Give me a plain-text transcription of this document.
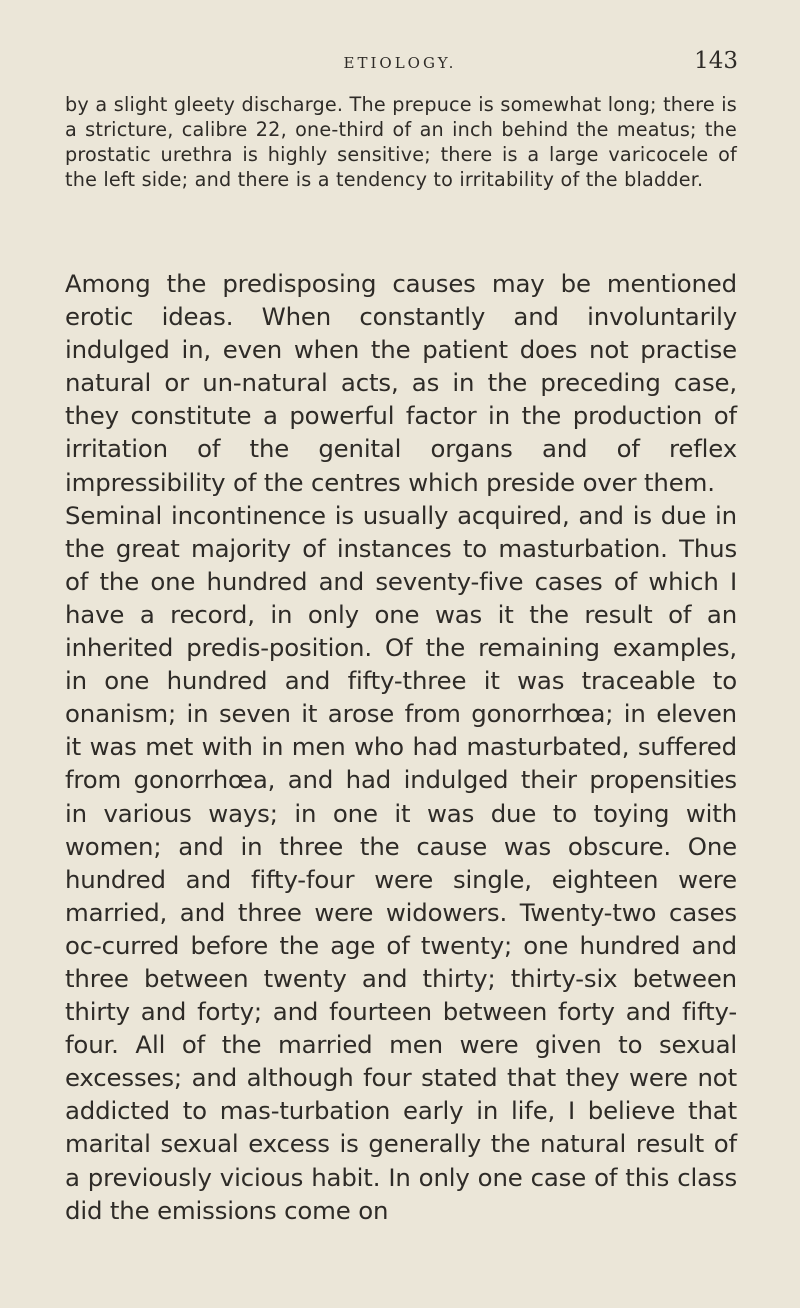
ETIOLOGY.	143

by a slight gleety discharge. The prepuce is somewhat long; there is a stricture, calibre 22, one-third of an inch behind the meatus; the prostatic urethra is highly sensitive; there is a large varicocele of the left side; and there is a tendency to irritability of the bladder.

Among the predisposing causes may be mentioned erotic ideas. When constantly and involuntarily indulged in, even when the patient does not practise natural or un-natural acts, as in the preceding case, they constitute a powerful factor in the production of irritation of the genital organs and of reflex impressibility of the centres which preside over them.

Seminal incontinence is usually acquired, and is due in the great majority of instances to masturbation. Thus of the one hundred and seventy-five cases of which I have a record, in only one was it the result of an inherited predis-position. Of the remaining examples, in one hundred and fifty-three it was traceable to onanism; in seven it arose from gonorrhœa; in eleven it was met with in men who had masturbated, suffered from gonorrhœa, and had indulged their propensities in various ways; in one it was due to toying with women; and in three the cause was obscure. One hundred and fifty-four were single, eighteen were married, and three were widowers. Twenty-two cases oc-curred before the age of twenty; one hundred and three between twenty and thirty; thirty-six between thirty and forty; and fourteen between forty and fifty-four. All of the married men were given to sexual excesses; and although four stated that they were not addicted to mas-turbation early in life, I believe that marital sexual excess is generally the natural result of a previously vicious habit. In only one case of this class did the emissions come on
